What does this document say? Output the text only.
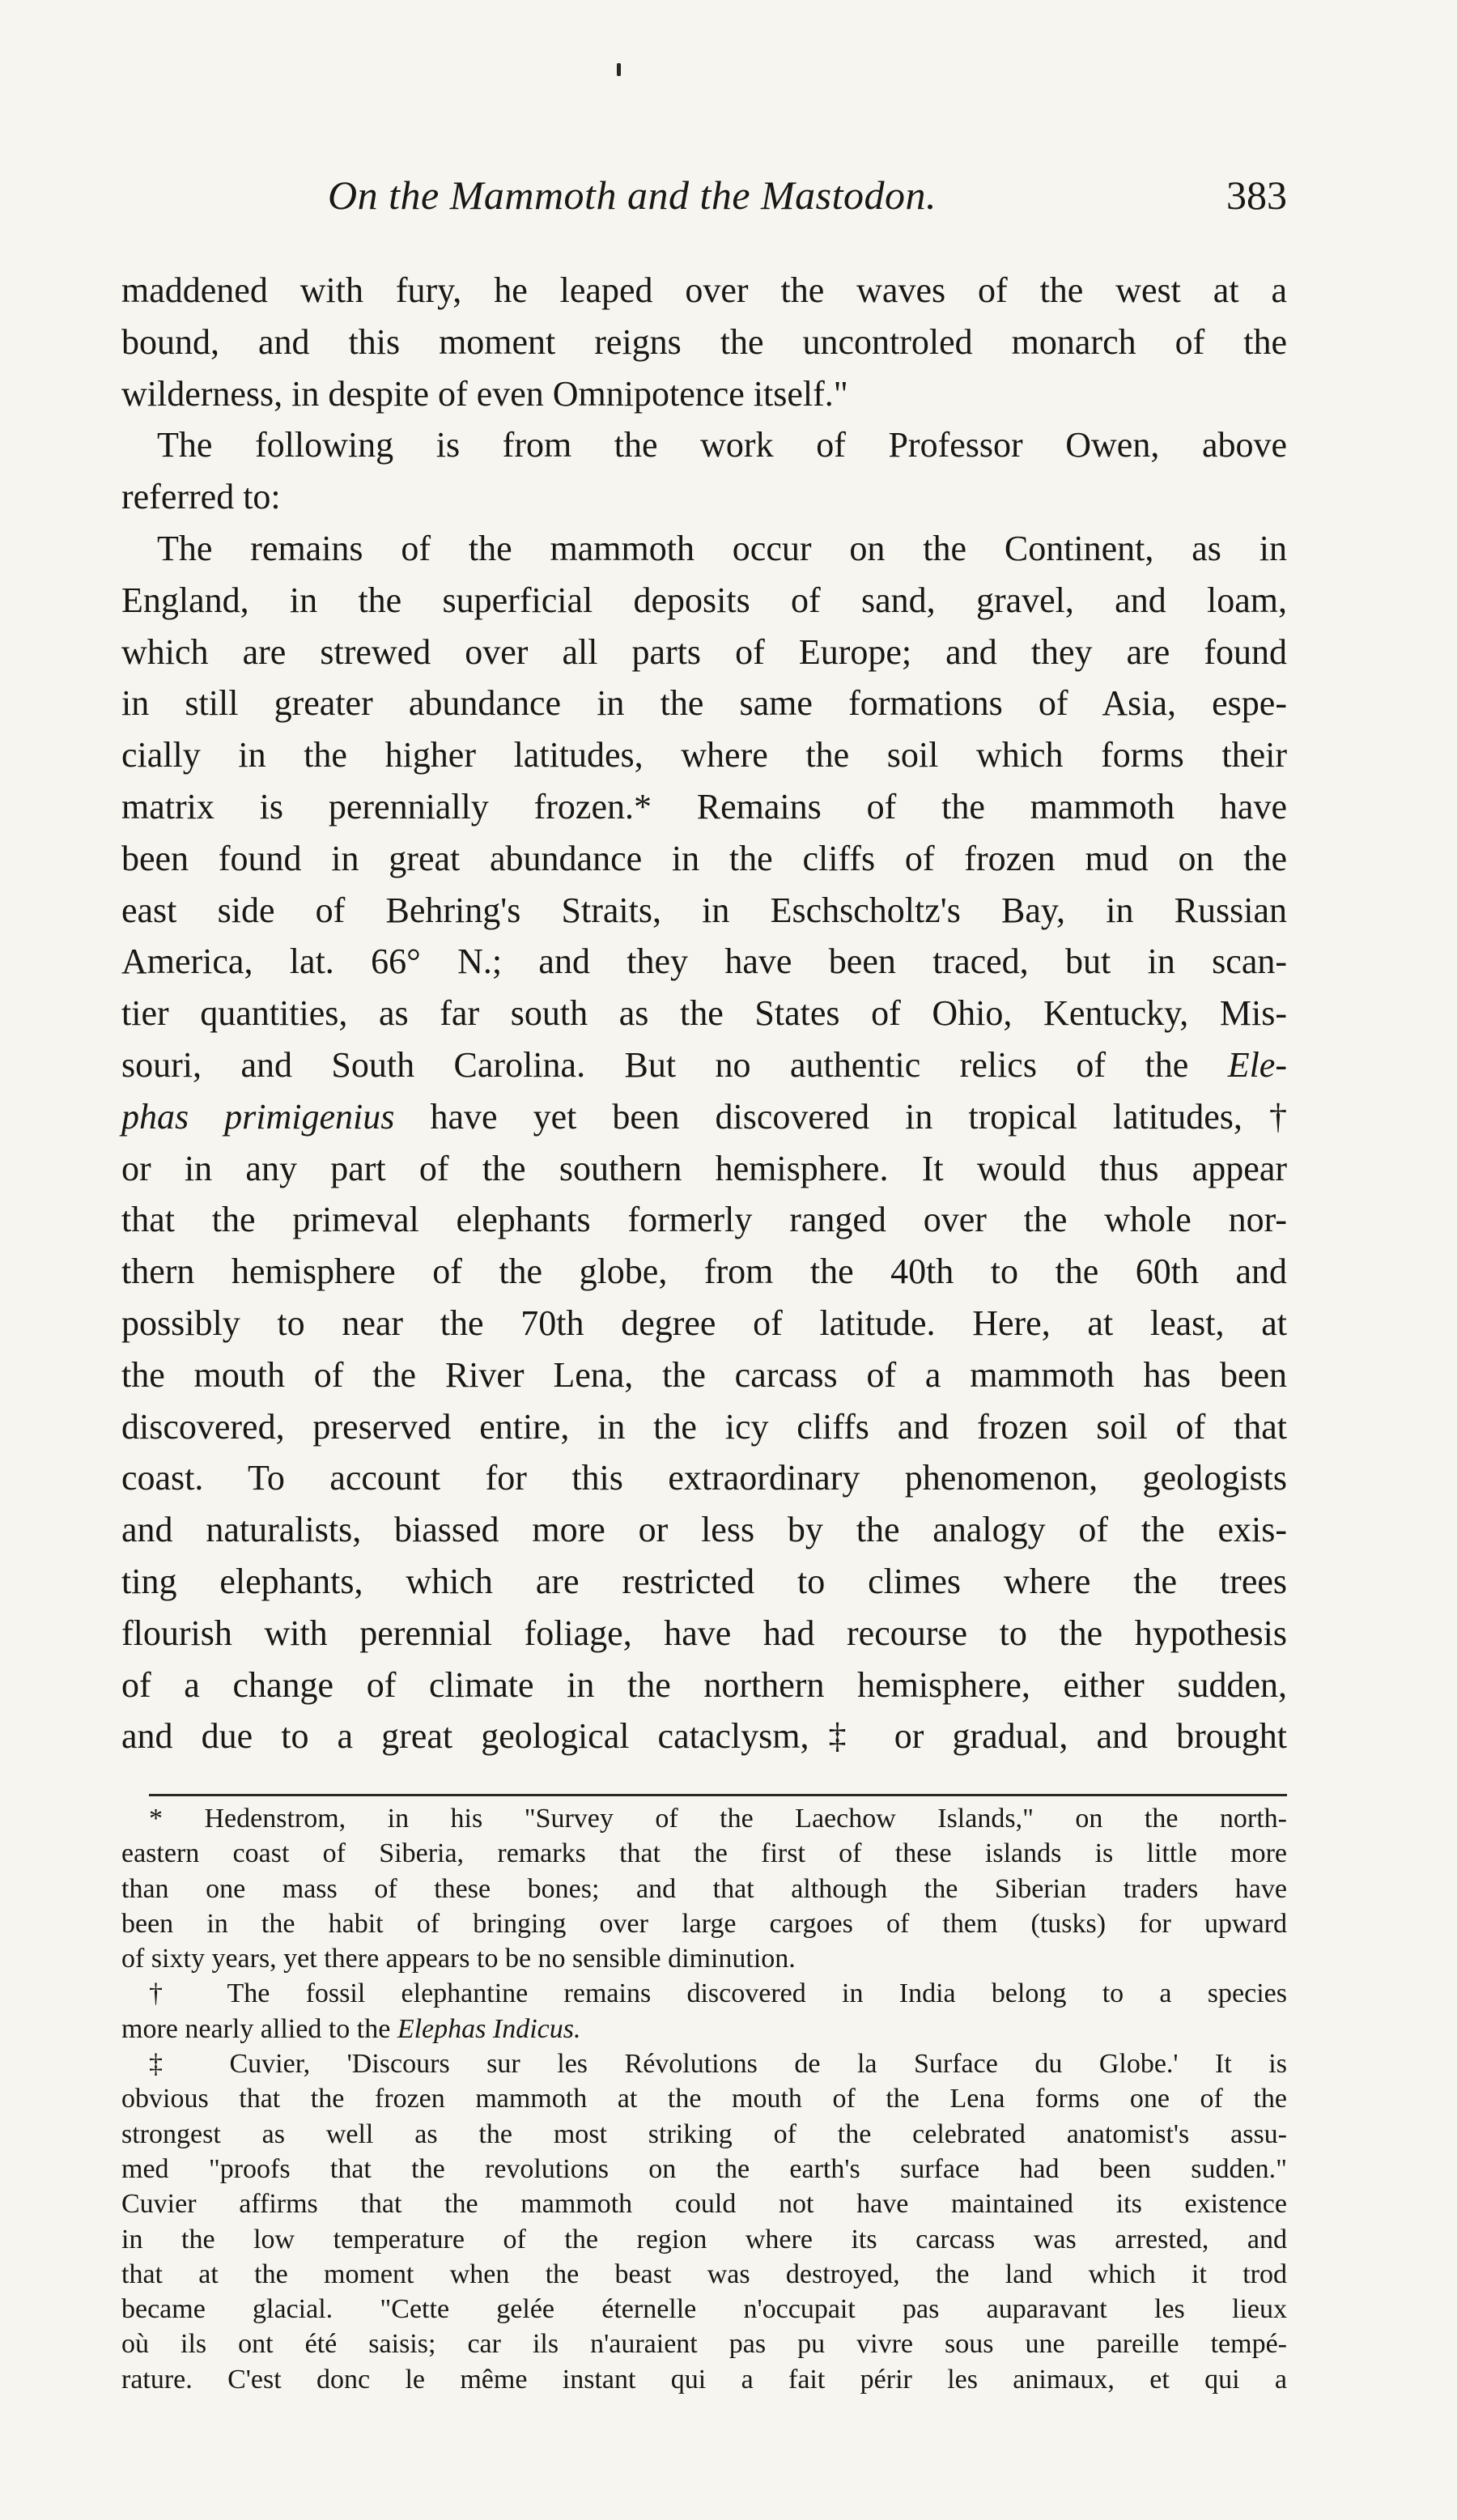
On the Mammoth and the Mastodon.	383
maddened with fury, he leaped over the waves of the west at a
bound, and this moment reigns the uncontroled monarch of the
wilderness, in despite of even Omnipotence itself."
The following is from the work of Professor Owen, above
referred to:
The remains of the mammoth occur on the Continent, as in
England, in the superficial deposits of sand, gravel, and loam,
which are strewed over all parts of Europe; and they are found
in still greater abundance in the same formations of Asia, espe-
cially in the higher latitudes, where the soil which forms their
matrix is perennially frozen.* Remains of the mammoth have
been found in great abundance in the cliffs of frozen mud on the
east side of Behring's Straits, in Eschscholtz's Bay, in Russian
America, lat. 66° N.; and they have been traced, but in scan-
tier quantities, as far south as the States of Ohio, Kentucky, Mis-
souri, and South Carolina. But no authentic relics of the Ele-
phas primigenius have yet been discovered in tropical latitudes,†
or in any part of the southern hemisphere. It would thus appear
that the primeval elephants formerly ranged over the whole nor-
thern hemisphere of the globe, from the 40th to the 60th and
possibly to near the 70th degree of latitude. Here, at least, at
the mouth of the River Lena, the carcass of a mammoth has been
discovered, preserved entire, in the icy cliffs and frozen soil of that
coast. To account for this extraordinary phenomenon, geologists
and naturalists, biassed more or less by the analogy of the exis-
ting elephants, which are restricted to climes where the trees
flourish with perennial foliage, have had recourse to the hypothesis
of a change of climate in the northern hemisphere, either sudden,
and due to a great geological cataclysm,‡ or gradual, and brought
* Hedenstrom, in his "Survey of the Laechow Islands," on the north-
eastern coast of Siberia, remarks that the first of these islands is little more
than one mass of these bones; and that although the Siberian traders have
been in the habit of bringing over large cargoes of them (tusks) for upward
of sixty years, yet there appears to be no sensible diminution.
† The fossil elephantine remains discovered in India belong to a species
more nearly allied to the Elephas Indicus.
‡ Cuvier, 'Discours sur les Révolutions de la Surface du Globe.' It is
obvious that the frozen mammoth at the mouth of the Lena forms one of the
strongest as well as the most striking of the celebrated anatomist's assu-
med "proofs that the revolutions on the earth's surface had been sudden."
Cuvier affirms that the mammoth could not have maintained its existence
in the low temperature of the region where its carcass was arrested, and
that at the moment when the beast was destroyed, the land which it trod
became glacial. "Cette gelée éternelle n'occupait pas auparavant les lieux
où ils ont été saisis; car ils n'auraient pas pu vivre sous une pareille tempé-
rature. C'est donc le même instant qui a fait périr les animaux, et qui a
